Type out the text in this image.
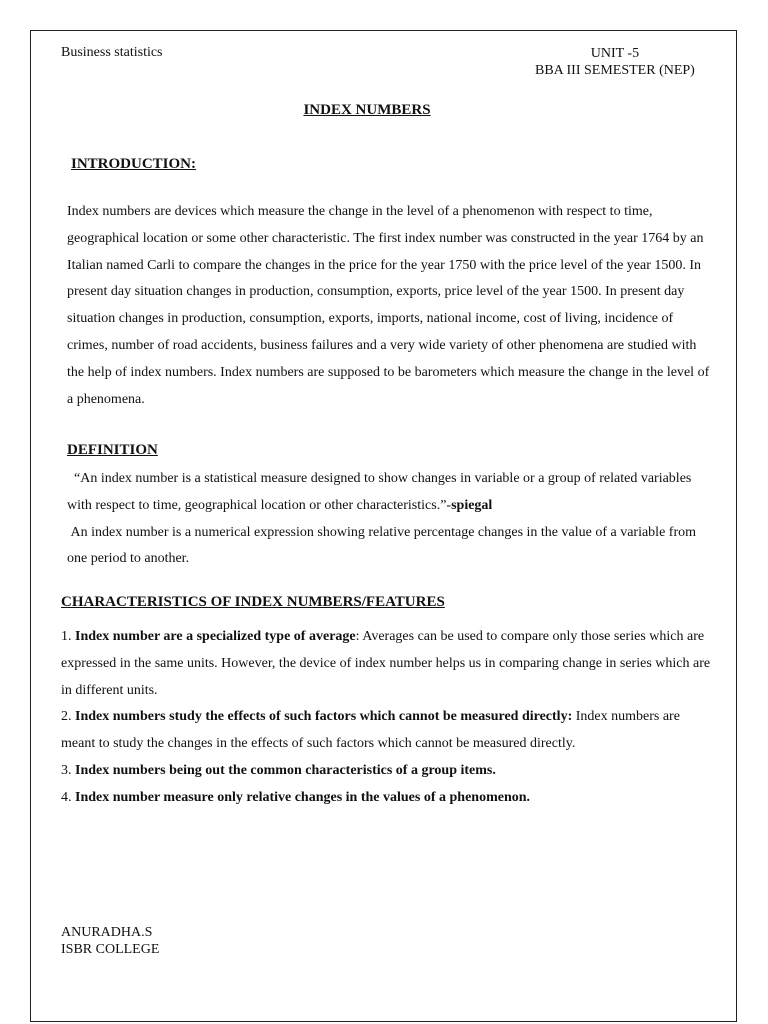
Business statistics	UNIT -5
BBA III SEMESTER (NEP)
INDEX NUMBERS
INTRODUCTION:
Index numbers are devices which measure the change in the level of a phenomenon with respect to time, geographical location or some other characteristic. The first index number was constructed in the year 1764 by an Italian named Carli to compare the changes in the price for the year 1750 with the price level of the year 1500. In present day situation changes in production, consumption, exports, price level of the year 1500. In present day situation changes in production, consumption, exports, imports, national income, cost of living, incidence of crimes, number of road accidents, business failures and a very wide variety of other phenomena are studied with the help of index numbers. Index numbers are supposed to be barometers which measure the change in the level of a phenomena.
DEFINITION
“An index number is a statistical measure designed to show changes in variable or a group of related variables with respect to time, geographical location or other characteristics.”-spiegal
An index number is a numerical expression showing relative percentage changes in the value of a variable from one period to another.
CHARACTERISTICS OF INDEX NUMBERS/FEATURES

1. Index number are a specialized type of average: Averages can be used to compare only those series which are expressed in the same units. However, the device of index number helps us in comparing change in series which are in different units.

2. Index numbers study the effects of such factors which cannot be measured directly: Index numbers are meant to study the changes in the effects of such factors which cannot be measured directly.

3. Index numbers being out the common characteristics of a group items.

4. Index number measure only relative changes in the values of a phenomenon.

ANURADHA.S
ISBR COLLEGE
